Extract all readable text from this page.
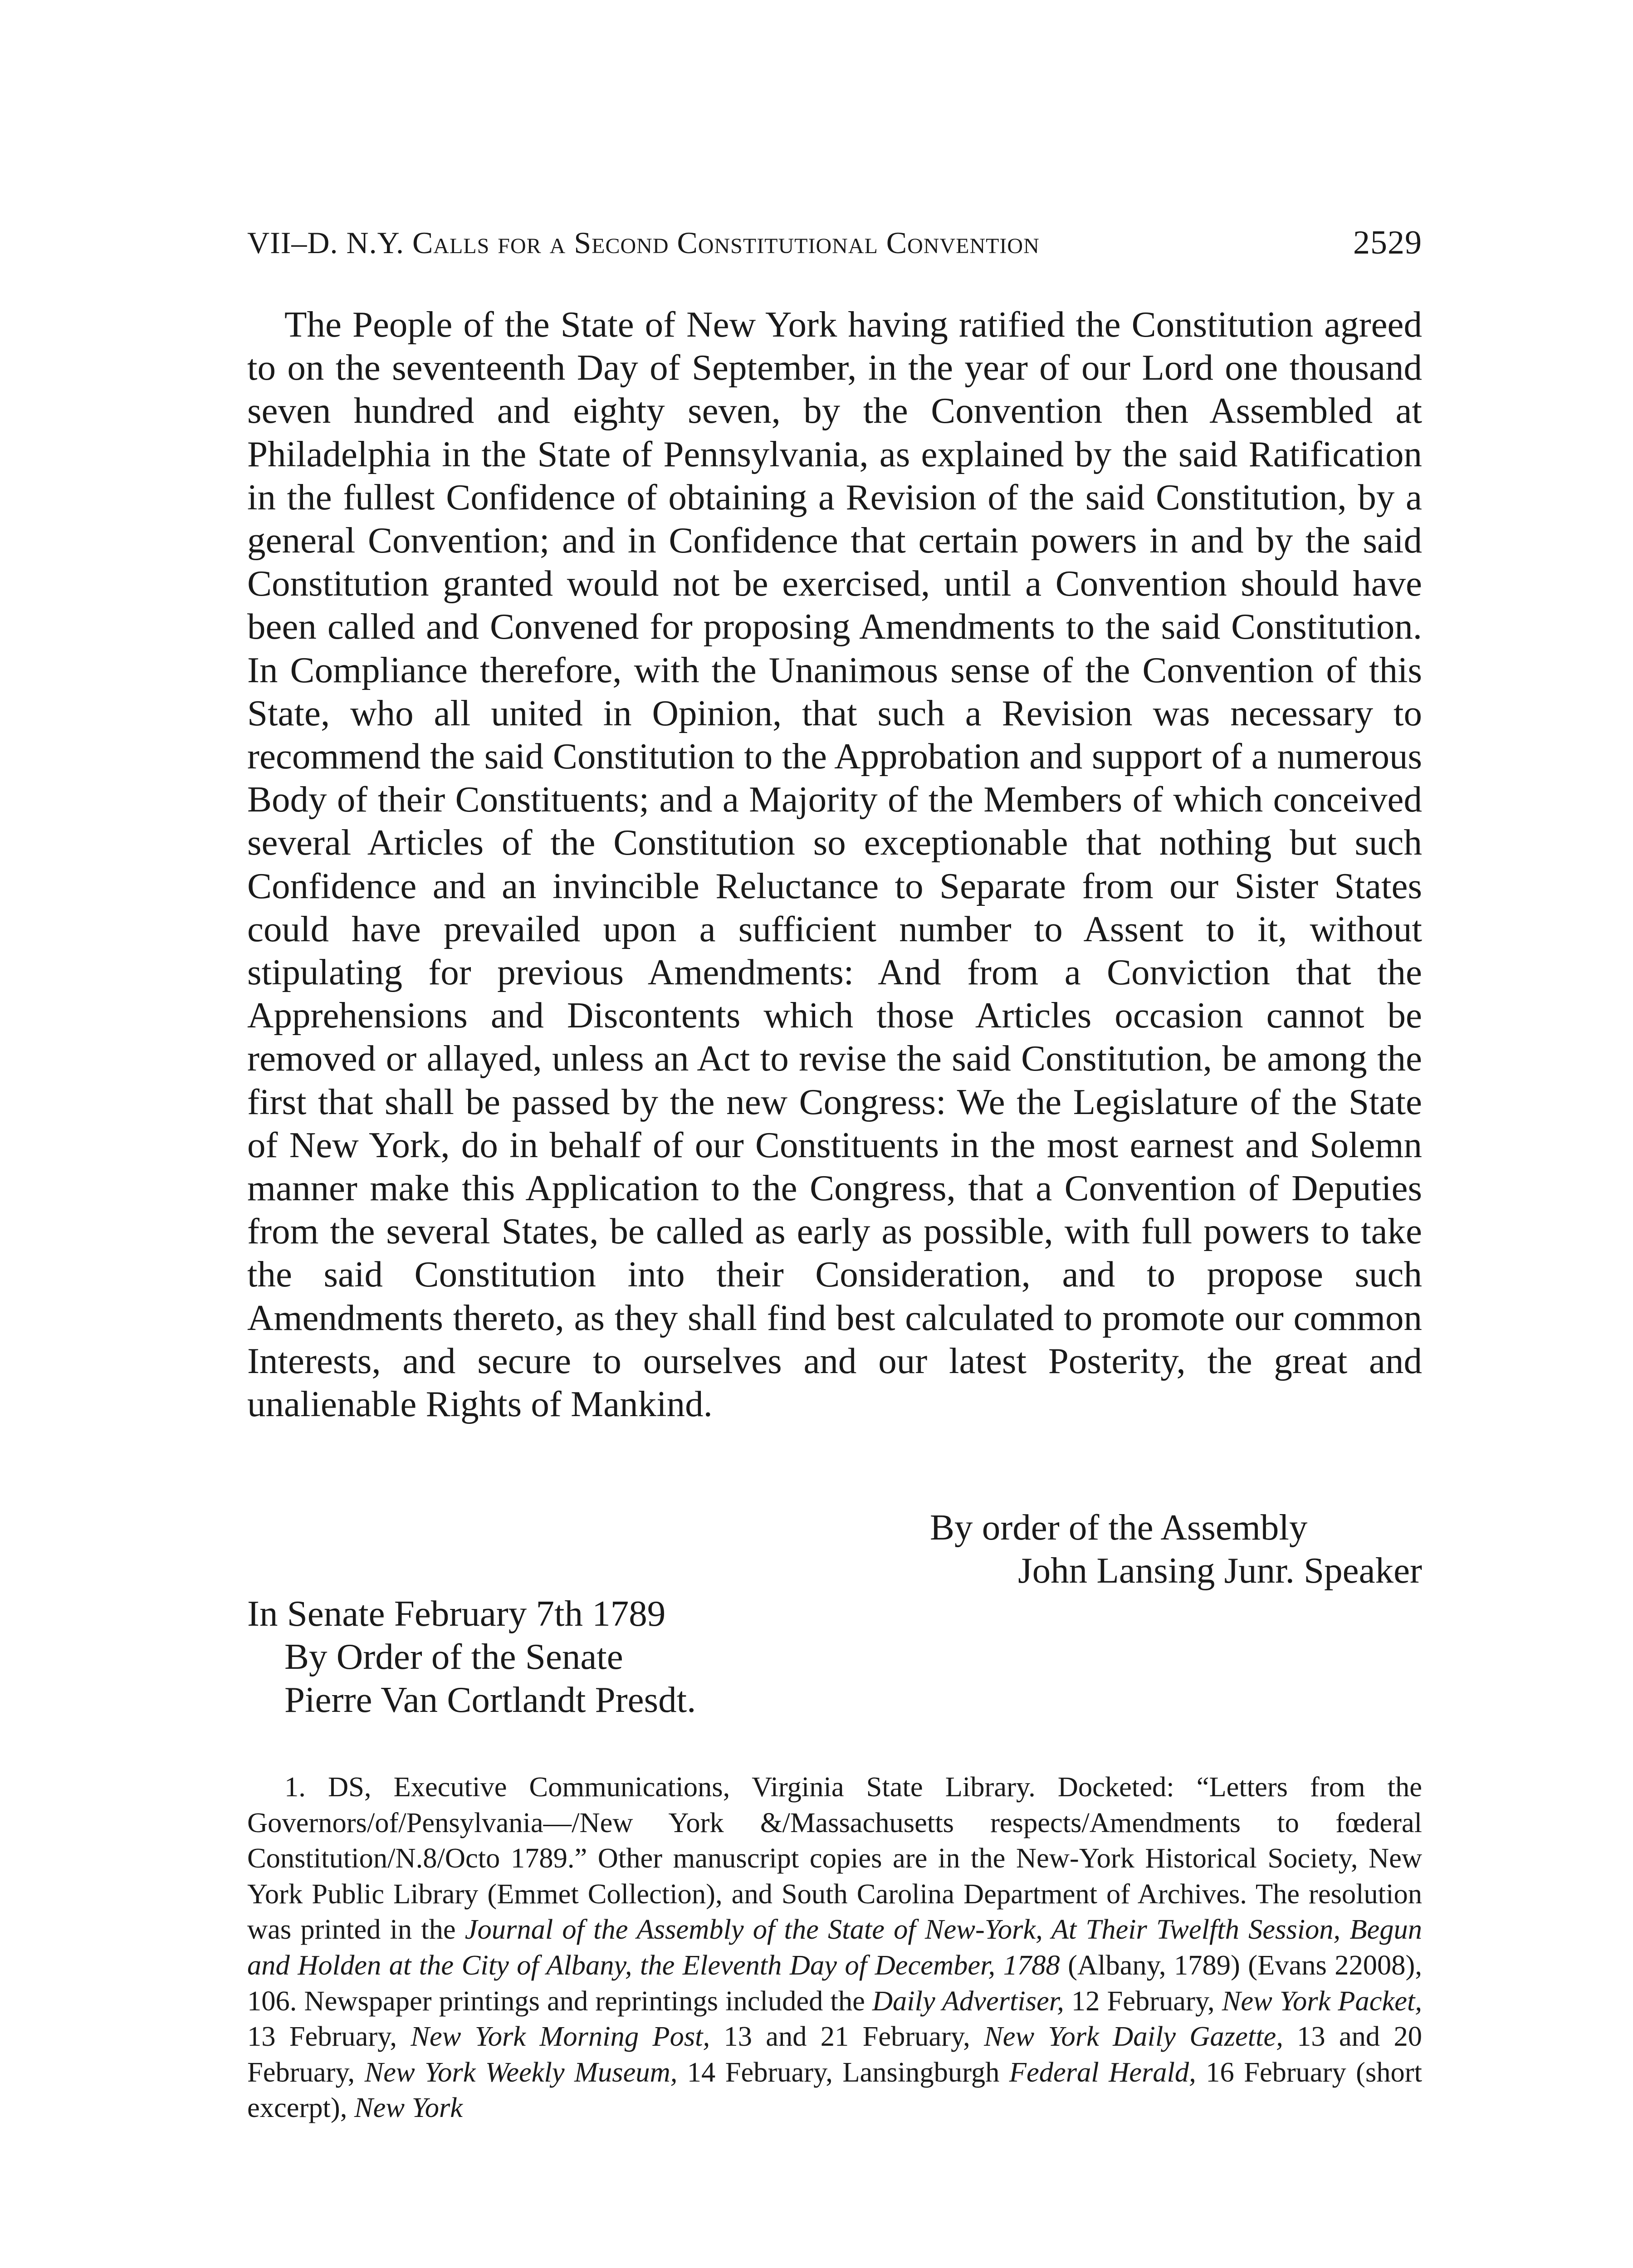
VII–D. N.Y. Calls for a Second Constitutional Convention	2529

The People of the State of New York having ratified the Constitution agreed to on the seventeenth Day of September, in the year of our Lord one thousand seven hundred and eighty seven, by the Convention then Assembled at Philadelphia in the State of Pennsylvania, as explained by the said Ratification in the fullest Confidence of obtaining a Revision of the said Constitution, by a general Convention; and in Confidence that certain powers in and by the said Constitution granted would not be exercised, until a Convention should have been called and Convened for proposing Amendments to the said Constitution. In Compliance therefore, with the Unanimous sense of the Convention of this State, who all united in Opinion, that such a Revision was necessary to recommend the said Constitution to the Approbation and support of a numerous Body of their Constituents; and a Majority of the Members of which conceived several Articles of the Constitution so exceptionable that nothing but such Confidence and an invincible Reluctance to Separate from our Sister States could have prevailed upon a sufficient number to Assent to it, without stipulating for previous Amendments: And from a Conviction that the Apprehensions and Discontents which those Articles occasion cannot be removed or allayed, unless an Act to revise the said Constitution, be among the first that shall be passed by the new Congress: We the Legislature of the State of New York, do in behalf of our Constituents in the most earnest and Solemn manner make this Application to the Congress, that a Convention of Deputies from the several States, be called as early as possible, with full powers to take the said Constitution into their Consideration, and to propose such Amendments thereto, as they shall find best calculated to promote our common Interests, and secure to ourselves and our latest Posterity, the great and unalienable Rights of Mankind.

By order of the Assembly
John Lansing Junr. Speaker
In Senate February 7th 1789
By Order of the Senate
Pierre Van Cortlandt Presdt.

1. DS, Executive Communications, Virginia State Library. Docketed: “Letters from the Governors/of/Pensylvania—/New York &/Massachusetts respects/Amendments to fœderal Constitution/N.8/Octo 1789.” Other manuscript copies are in the New-York Historical Society, New York Public Library (Emmet Collection), and South Carolina Department of Archives. The resolution was printed in the Journal of the Assembly of the State of New-York, At Their Twelfth Session, Begun and Holden at the City of Albany, the Eleventh Day of December, 1788 (Albany, 1789) (Evans 22008), 106. Newspaper printings and reprintings included the Daily Advertiser, 12 February, New York Packet, 13 February, New York Morning Post, 13 and 21 February, New York Daily Gazette, 13 and 20 February, New York Weekly Museum, 14 February, Lansingburgh Federal Herald, 16 February (short excerpt), New York
